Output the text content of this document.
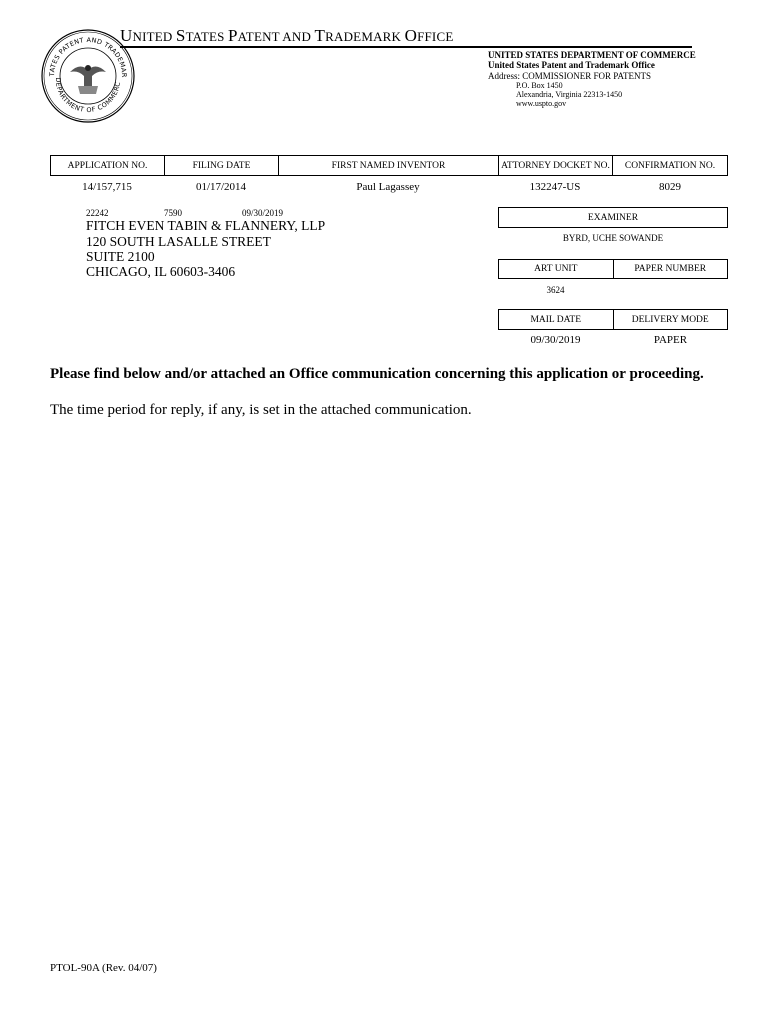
TATES PATENT AND TRADEMAR
DEPARTMENT OF COMMERC
UNITED STATES PATENT AND TRADEMARK OFFICE
UNITED STATES DEPARTMENT OF COMMERCE
United States Patent and Trademark Office
Address: COMMISSIONER FOR PATENTS
P.O. Box 1450
Alexandria, Virginia 22313-1450
www.uspto.gov
APPLICATION NO.	FILING DATE	FIRST NAMED INVENTOR	ATTORNEY DOCKET NO.	CONFIRMATION NO.
14/157,715	01/17/2014	Paul Lagassey	132247-US	8029
22242	7590	09/30/2019
FITCH EVEN TABIN & FLANNERY, LLP
120 SOUTH LASALLE STREET
SUITE 2100
CHICAGO, IL 60603-3406
EXAMINER
BYRD, UCHE SOWANDE
ART UNIT	PAPER NUMBER
3624
MAIL DATE	DELIVERY MODE
09/30/2019	PAPER
Please find below and/or attached an Office communication concerning this application or proceeding.
The time period for reply, if any, is set in the attached communication.
PTOL-90A (Rev. 04/07)
